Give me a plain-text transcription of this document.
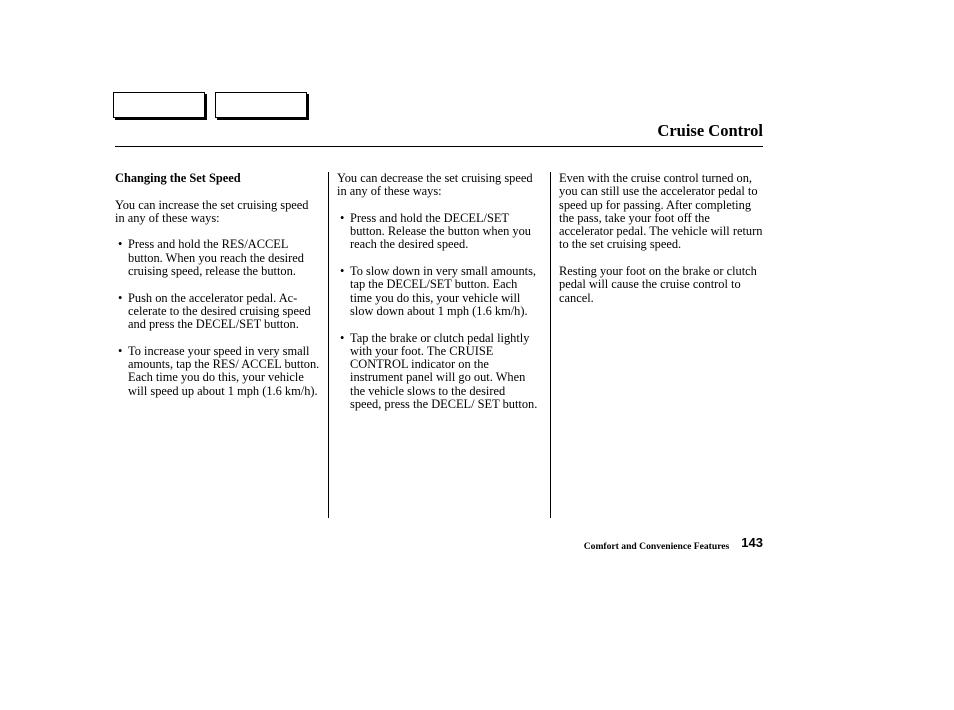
Cruise Control

Changing the Set Speed

You can increase the set cruising speed in any of these ways:

• Press and hold the RES/ACCEL button. When you reach the desired cruising speed, release the button.
• Push on the accelerator pedal. Ac-celerate to the desired cruising speed and press the DECEL/SET button.
• To increase your speed in very small amounts, tap the RES/ ACCEL button. Each time you do this, your vehicle will speed up about 1 mph (1.6 km/h).

You can decrease the set cruising speed in any of these ways:

• Press and hold the DECEL/SET button. Release the button when you reach the desired speed.
• To slow down in very small amounts, tap the DECEL/SET button. Each time you do this, your vehicle will slow down about 1 mph (1.6 km/h).
• Tap the brake or clutch pedal lightly with your foot. The CRUISE CONTROL indicator on the instrument panel will go out. When the vehicle slows to the desired speed, press the DECEL/ SET button.

Even with the cruise control turned on, you can still use the accelerator pedal to speed up for passing. After completing the pass, take your foot off the accelerator pedal. The vehicle will return to the set cruising speed.

Resting your foot on the brake or clutch pedal will cause the cruise control to cancel.

Comfort and Convenience Features 143
